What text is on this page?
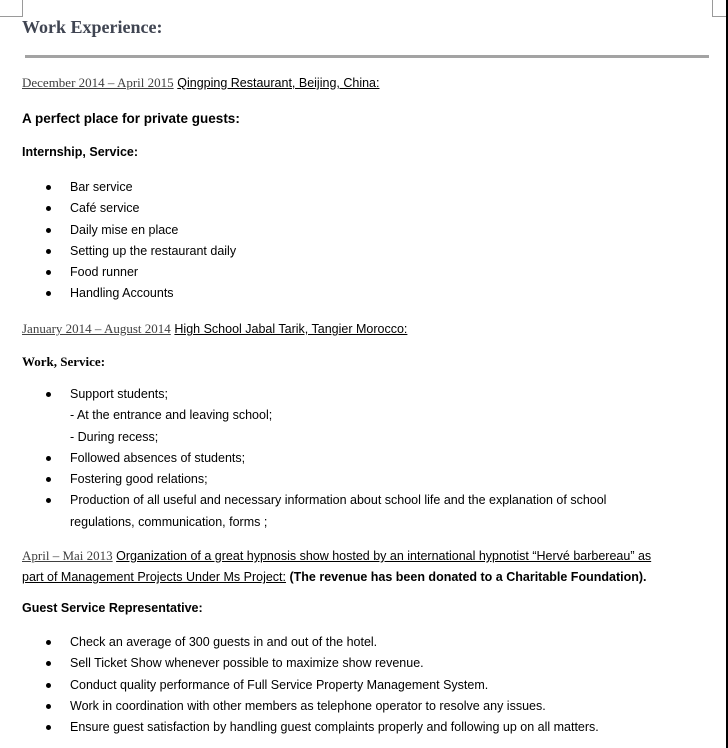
Work Experience:
December 2014 – April 2015 Qingping Restaurant, Beijing, China:
A perfect place for private guests:
Internship, Service:
Bar service
Café service
Daily mise en place
Setting up the restaurant daily
Food runner
Handling Accounts
January 2014 – August 2014 High School Jabal Tarik, Tangier Morocco:
Work, Service:
Support students;
- At the entrance and leaving school;
- During recess;
Followed absences of students;
Fostering good relations;
Production of all useful and necessary information about school life and the explanation of school regulations, communication, forms ;
April – Mai 2013 Organization of a great hypnosis show hosted by an international hypnotist “Hervé barbereau” as
part of Management Projects Under Ms Project: (The revenue has been donated to a Charitable Foundation).
Guest Service Representative:
Check an average of 300 guests in and out of the hotel.
Sell Ticket Show whenever possible to maximize show revenue.
Conduct quality performance of Full Service Property Management System.
Work in coordination with other members as telephone operator to resolve any issues.
Ensure guest satisfaction by handling guest complaints properly and following up on all matters.
